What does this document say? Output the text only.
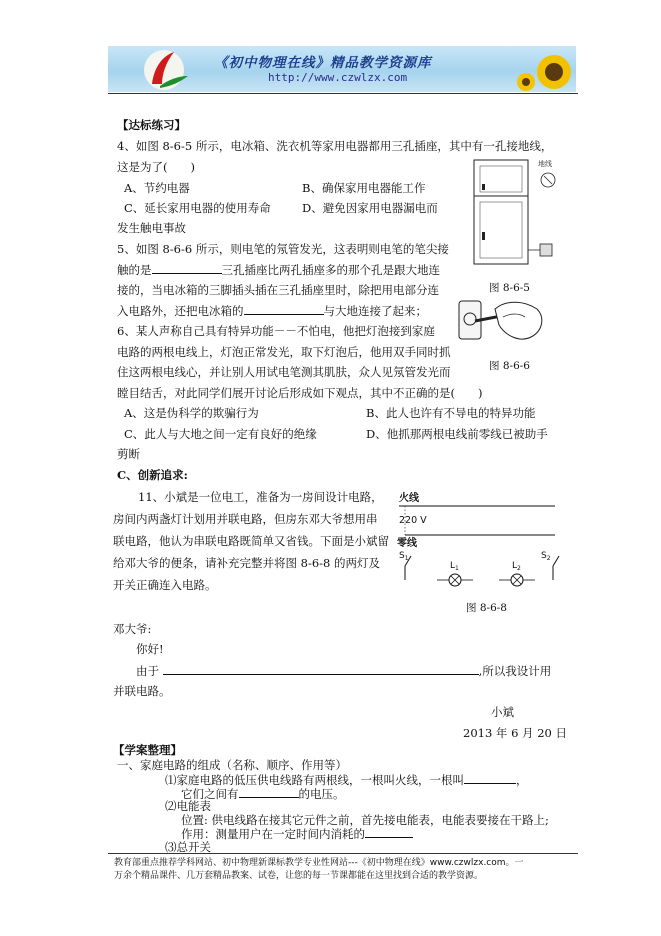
《初中物理在线》精品教学资源库
http://www.czwlzx.com
【达标练习】
4、如图 8-6-5 所示，电冰箱、洗衣机等家用电器都用三孔插座，其中有一孔接地线，
这是为了(　　)
A、节约电器	B、确保家用电器能工作
C、延长家用电器的使用寿命	D、避免因家用电器漏电而
发生触电事故
5、如图 8-6-6 所示，则电笔的氖管发光，这表明则电笔的笔尖接
触的是	三孔插座比两孔插座多的那个孔是跟大地连
接的，当电冰箱的三脚插头插在三孔插座里时，除把用电部分连
入电路外，还把电冰箱的	与大地连接了起来；
6、某人声称自己具有特异功能－－不怕电，他把灯泡接到家庭
电路的两根电线上，灯泡正常发光，取下灯泡后，他用双手同时抓
住这两根电线心，并让别人用试电笔测其肌肤，众人见氖管发光而
瞠目结舌，对此同学们展开讨论后形成如下观点，其中不正确的是(　　)
A、这是伪科学的欺骗行为	B、此人也许有不导电的特异功能
C、此人与大地之间一定有良好的绝缘	D、他抓那两根电线前零线已被助手
剪断
地线
图 8-6-5
图 8-6-6
C、创新追求:
11、小斌是一位电工，准备为一房间设计电路，
房间内两盏灯计划用并联电路，但房东邓大爷想用串
联电路，他认为串联电路既简单又省钱。下面是小斌留
给邓大爷的便条，请补充完整并将图 8-6-8 的两灯及
开关正确连入电路。
火线
220 V
零线
$S_1$
$L_1$	$L_2$
$S_2$
图 8-6-8
邓大爷:
你好!
由于	,所以我设计用
并联电路。
小斌
2013 年 6 月 20 日
【学案整理】
一、家庭电路的组成（名称、顺序、作用等）
⑴家庭电路的低压供电线路有两根线，一根叫火线，一根叫	，
它们之间有	的电压。
⑵电能表
位置: 供电线路在接其它元件之前，首先接电能表，电能表要接在干路上;
作用：测量用户在一定时间内消耗的
⑶总开关
教育部重点推荐学科网站、初中物理新课标教学专业性网站---《初中物理在线》www.czwlzx.com。一
万余个精品课件、几万套精品教案、试卷，让您的每一节课都能在这里找到合适的教学资源。
